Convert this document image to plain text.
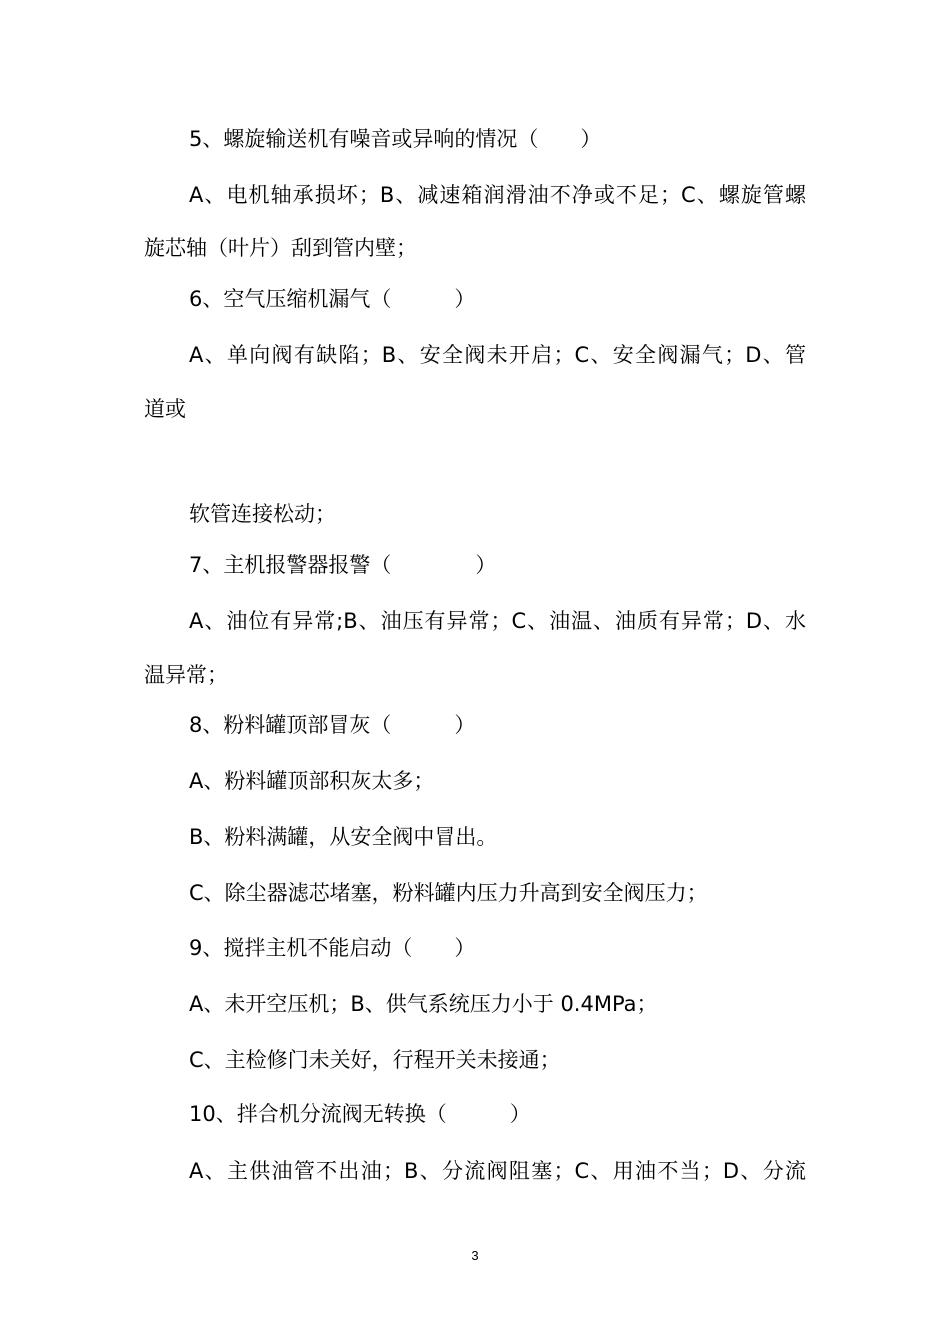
5、螺旋输送机有噪音或异响的情况（　　）
A、电机轴承损坏；B、减速箱润滑油不净或不足；C、螺旋管螺
旋芯轴（叶片）刮到管内壁；
6、空气压缩机漏气（　　　）
A、单向阀有缺陷；B、安全阀未开启；C、安全阀漏气；D、管
道或
软管连接松动；
7、主机报警器报警（　　　　）
A、油位有异常;B、油压有异常；C、油温、油质有异常；D、水
温异常；
8、粉料罐顶部冒灰（　　　）
A、粉料罐顶部积灰太多；
B、粉料满罐，从安全阀中冒出。
C、除尘器滤芯堵塞，粉料罐内压力升高到安全阀压力；
9、搅拌主机不能启动（　　）
A、未开空压机；B、供气系统压力小于 0.4MPa；
C、主检修门未关好，行程开关未接通；
10、拌合机分流阀无转换（　　　）
A、主供油管不出油；B、分流阀阻塞；C、用油不当；D、分流
3
